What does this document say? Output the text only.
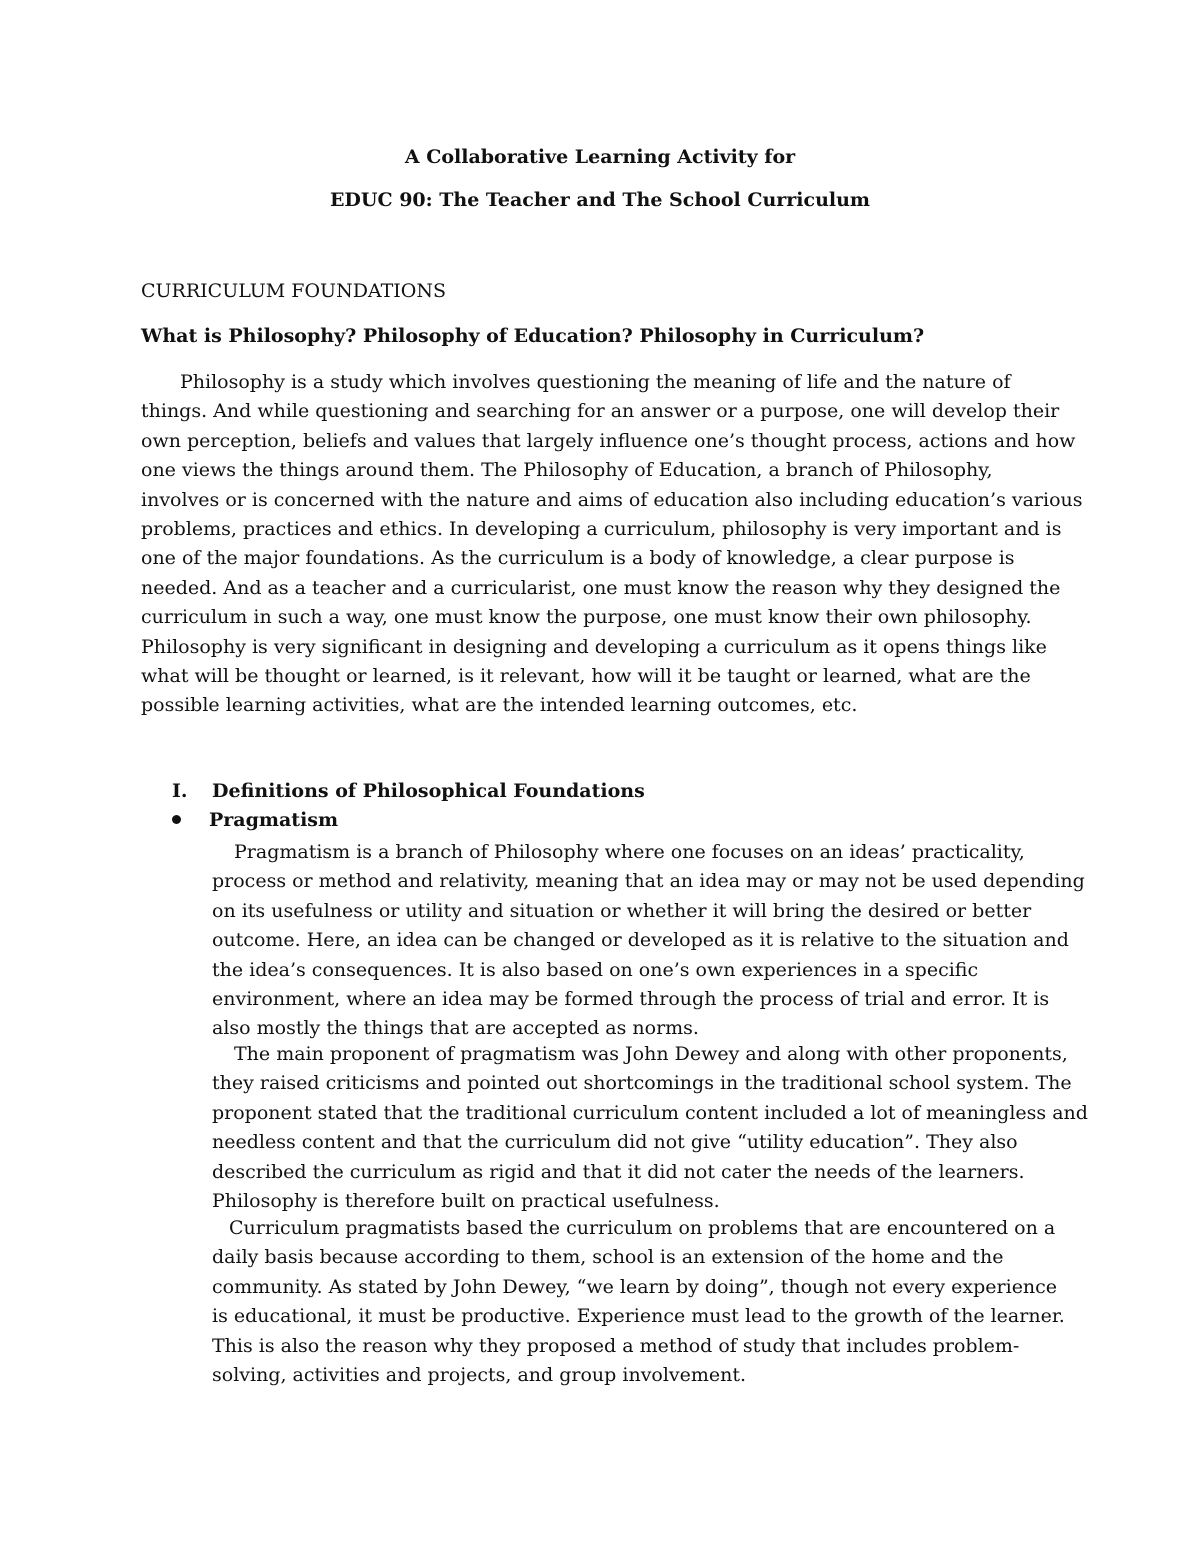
A Collaborative Learning Activity for
EDUC 90: The Teacher and The School Curriculum
CURRICULUM FOUNDATIONS
What is Philosophy? Philosophy of Education? Philosophy in Curriculum?
Philosophy is a study which involves questioning the meaning of life and the nature of
things. And while questioning and searching for an answer or a purpose, one will develop their
own perception, beliefs and values that largely influence one’s thought process, actions and how
one views the things around them. The Philosophy of Education, a branch of Philosophy,
involves or is concerned with the nature and aims of education also including education’s various
problems, practices and ethics. In developing a curriculum, philosophy is very important and is
one of the major foundations. As the curriculum is a body of knowledge, a clear purpose is
needed. And as a teacher and a curricularist, one must know the reason why they designed the
curriculum in such a way, one must know the purpose, one must know their own philosophy.
Philosophy is very significant in designing and developing a curriculum as it opens things like
what will be thought or learned, is it relevant, how will it be taught or learned, what are the
possible learning activities, what are the intended learning outcomes, etc.
I. Definitions of Philosophical Foundations
Pragmatism
Pragmatism is a branch of Philosophy where one focuses on an ideas’ practicality,
process or method and relativity, meaning that an idea may or may not be used depending
on its usefulness or utility and situation or whether it will bring the desired or better
outcome. Here, an idea can be changed or developed as it is relative to the situation and
the idea’s consequences. It is also based on one’s own experiences in a specific
environment, where an idea may be formed through the process of trial and error. It is
also mostly the things that are accepted as norms.
The main proponent of pragmatism was John Dewey and along with other proponents,
they raised criticisms and pointed out shortcomings in the traditional school system. The
proponent stated that the traditional curriculum content included a lot of meaningless and
needless content and that the curriculum did not give “utility education”. They also
described the curriculum as rigid and that it did not cater the needs of the learners.
Philosophy is therefore built on practical usefulness.
Curriculum pragmatists based the curriculum on problems that are encountered on a
daily basis because according to them, school is an extension of the home and the
community. As stated by John Dewey, “we learn by doing”, though not every experience
is educational, it must be productive. Experience must lead to the growth of the learner.
This is also the reason why they proposed a method of study that includes problem-
solving, activities and projects, and group involvement.
